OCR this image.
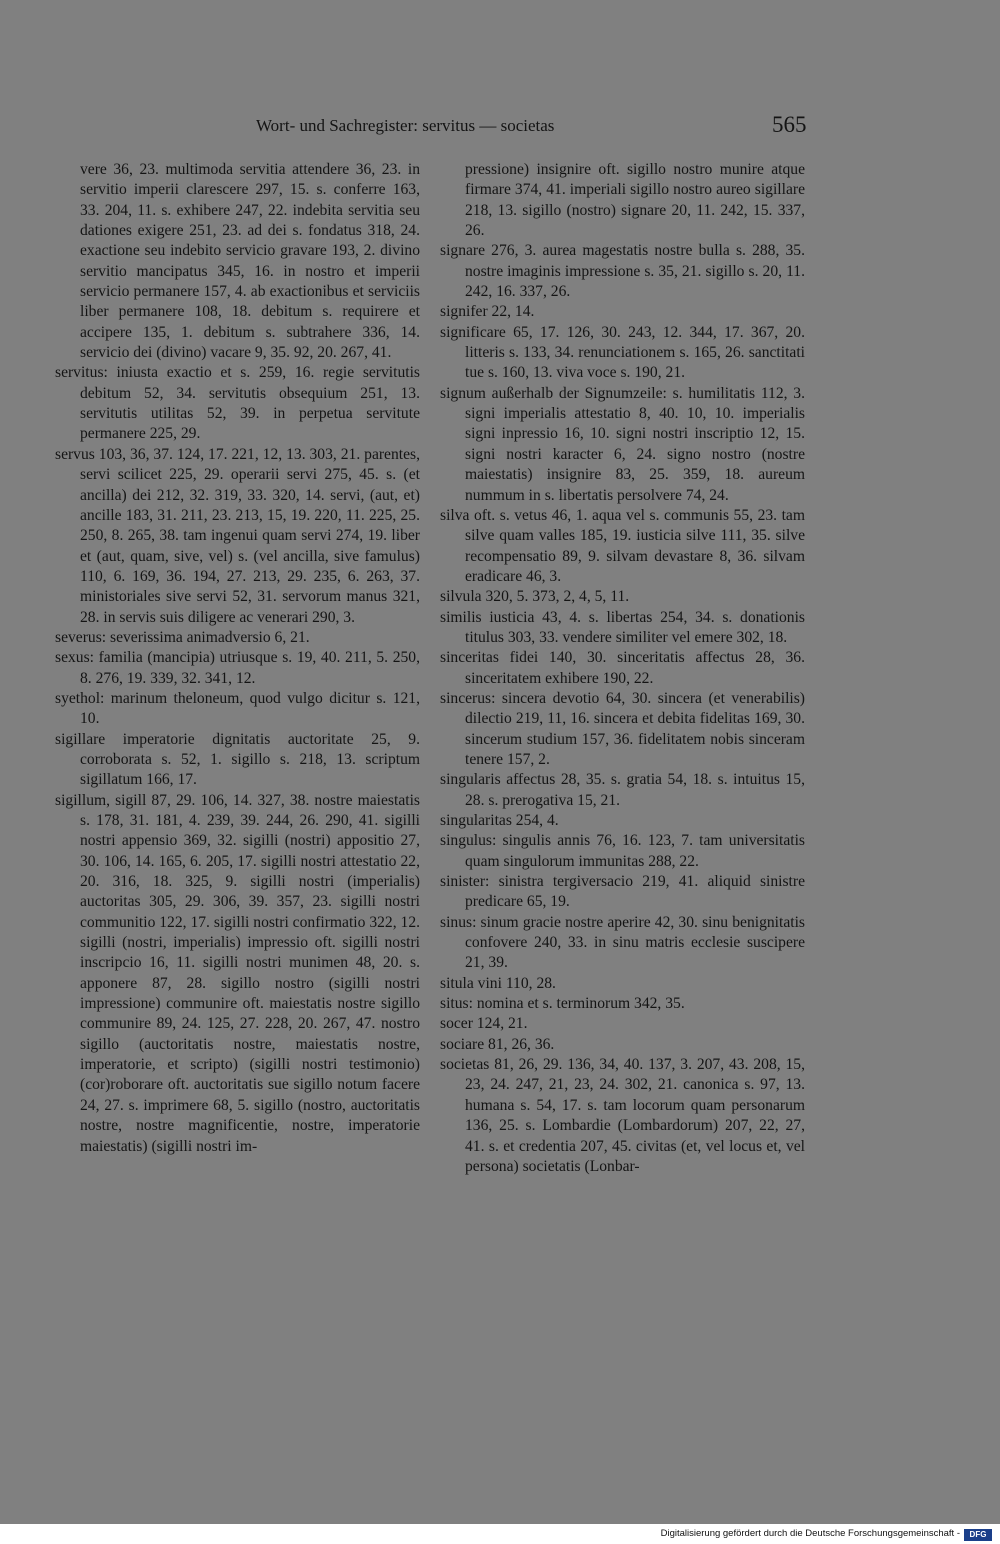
Wort- und Sachregister: servitus — societas	565

vere 36, 23. multimoda servitia attendere 36, 23. in servitio imperii clarescere 297, 15. s. conferre 163, 33. 204, 11. s. exhibere 247, 22. indebita servitia seu dationes exigere 251, 23. ad dei s. fondatus 318, 24. exactione seu indebito servicio gravare 193, 2. divino servitio mancipatus 345, 16. in nostro et imperii servicio permanere 157, 4. ab exactionibus et serviciis liber permanere 108, 18. debitum s. requirere et accipere 135, 1. debitum s. subtrahere 336, 14. servicio dei (divino) vacare 9, 35. 92, 20. 267, 41.

servitus: iniusta exactio et s. 259, 16. regie servitutis debitum 52, 34. servitutis obsequium 251, 13. servitutis utilitas 52, 39. in perpetua servitute permanere 225, 29.

servus 103, 36, 37. 124, 17. 221, 12, 13. 303, 21. parentes, servi scilicet 225, 29. operarii servi 275, 45. s. (et ancilla) dei 212, 32. 319, 33. 320, 14. servi, (aut, et) ancille 183, 31. 211, 23. 213, 15, 19. 220, 11. 225, 25. 250, 8. 265, 38. tam ingenui quam servi 274, 19. liber et (aut, quam, sive, vel) s. (vel ancilla, sive famulus) 110, 6. 169, 36. 194, 27. 213, 29. 235, 6. 263, 37. ministoriales sive servi 52, 31. servorum manus 321, 28. in servis suis diligere ac venerari 290, 3.

severus: severissima animadversio 6, 21.

sexus: familia (mancipia) utriusque s. 19, 40. 211, 5. 250, 8. 276, 19. 339, 32. 341, 12.

syethol: marinum theloneum, quod vulgo dicitur s. 121, 10.

sigillare imperatorie dignitatis auctoritate 25, 9. corroborata s. 52, 1. sigillo s. 218, 13. scriptum sigillatum 166, 17.

sigillum, sigill 87, 29. 106, 14. 327, 38. nostre maiestatis s. 178, 31. 181, 4. 239, 39. 244, 26. 290, 41. sigilli nostri appensio 369, 32. sigilli (nostri) appositio 27, 30. 106, 14. 165, 6. 205, 17. sigilli nostri attestatio 22, 20. 316, 18. 325, 9. sigilli nostri (imperialis) auctoritas 305, 29. 306, 39. 357, 23. sigilli nostri communitio 122, 17. sigilli nostri confirmatio 322, 12. sigilli (nostri, imperialis) impressio oft. sigilli nostri inscripcio 16, 11. sigilli nostri munimen 48, 20. s. apponere 87, 28. sigillo nostro (sigilli nostri impressione) communire oft. maiestatis nostre sigillo communire 89, 24. 125, 27. 228, 20. 267, 47. nostro sigillo (auctoritatis nostre, maiestatis nostre, imperatorie, et scripto) (sigilli nostri testimonio) (cor)roborare oft. auctoritatis sue sigillo notum facere 24, 27. s. imprimere 68, 5. sigillo (nostro, auctoritatis nostre, nostre magnificentie, nostre, imperatorie maiestatis) (sigilli nostri im-

pressione) insignire oft. sigillo nostro munire atque firmare 374, 41. imperiali sigillo nostro aureo sigillare 218, 13. sigillo (nostro) signare 20, 11. 242, 15. 337, 26.

signare 276, 3. aurea magestatis nostre bulla s. 288, 35. nostre imaginis impressione s. 35, 21. sigillo s. 20, 11. 242, 16. 337, 26.

signifer 22, 14.

significare 65, 17. 126, 30. 243, 12. 344, 17. 367, 20. litteris s. 133, 34. renunciationem s. 165, 26. sanctitati tue s. 160, 13. viva voce s. 190, 21.

signum außerhalb der Signumzeile: s. humilitatis 112, 3. signi imperialis attestatio 8, 40. 10, 10. imperialis signi inpressio 16, 10. signi nostri inscriptio 12, 15. signi nostri karacter 6, 24. signo nostro (nostre maiestatis) insignire 83, 25. 359, 18. aureum nummum in s. libertatis persolvere 74, 24.

silva oft. s. vetus 46, 1. aqua vel s. communis 55, 23. tam silve quam valles 185, 19. iusticia silve 111, 35. silve recompensatio 89, 9. silvam devastare 8, 36. silvam eradicare 46, 3.

silvula 320, 5. 373, 2, 4, 5, 11.

similis iusticia 43, 4. s. libertas 254, 34. s. donationis titulus 303, 33. vendere similiter vel emere 302, 18.

sinceritas fidei 140, 30. sinceritatis affectus 28, 36. sinceritatem exhibere 190, 22.

sincerus: sincera devotio 64, 30. sincera (et venerabilis) dilectio 219, 11, 16. sincera et debita fidelitas 169, 30. sincerum studium 157, 36. fidelitatem nobis sinceram tenere 157, 2.

singularis affectus 28, 35. s. gratia 54, 18. s. intuitus 15, 28. s. prerogativa 15, 21.

singularitas 254, 4.

singulus: singulis annis 76, 16. 123, 7. tam universitatis quam singulorum immunitas 288, 22.

sinister: sinistra tergiversacio 219, 41. aliquid sinistre predicare 65, 19.

sinus: sinum gracie nostre aperire 42, 30. sinu benignitatis confovere 240, 33. in sinu matris ecclesie suscipere 21, 39.

situla vini 110, 28.

situs: nomina et s. terminorum 342, 35.

socer 124, 21.

sociare 81, 26, 36.

societas 81, 26, 29. 136, 34, 40. 137, 3. 207, 43. 208, 15, 23, 24. 247, 21, 23, 24. 302, 21. canonica s. 97, 13. humana s. 54, 17. s. tam locorum quam personarum 136, 25. s. Lombardie (Lombardorum) 207, 22, 27, 41. s. et credentia 207, 45. civitas (et, vel locus et, vel persona) societatis (Lonbar-

Digitalisierung gefördert durch die Deutsche Forschungsgemeinschaft -	DFG
